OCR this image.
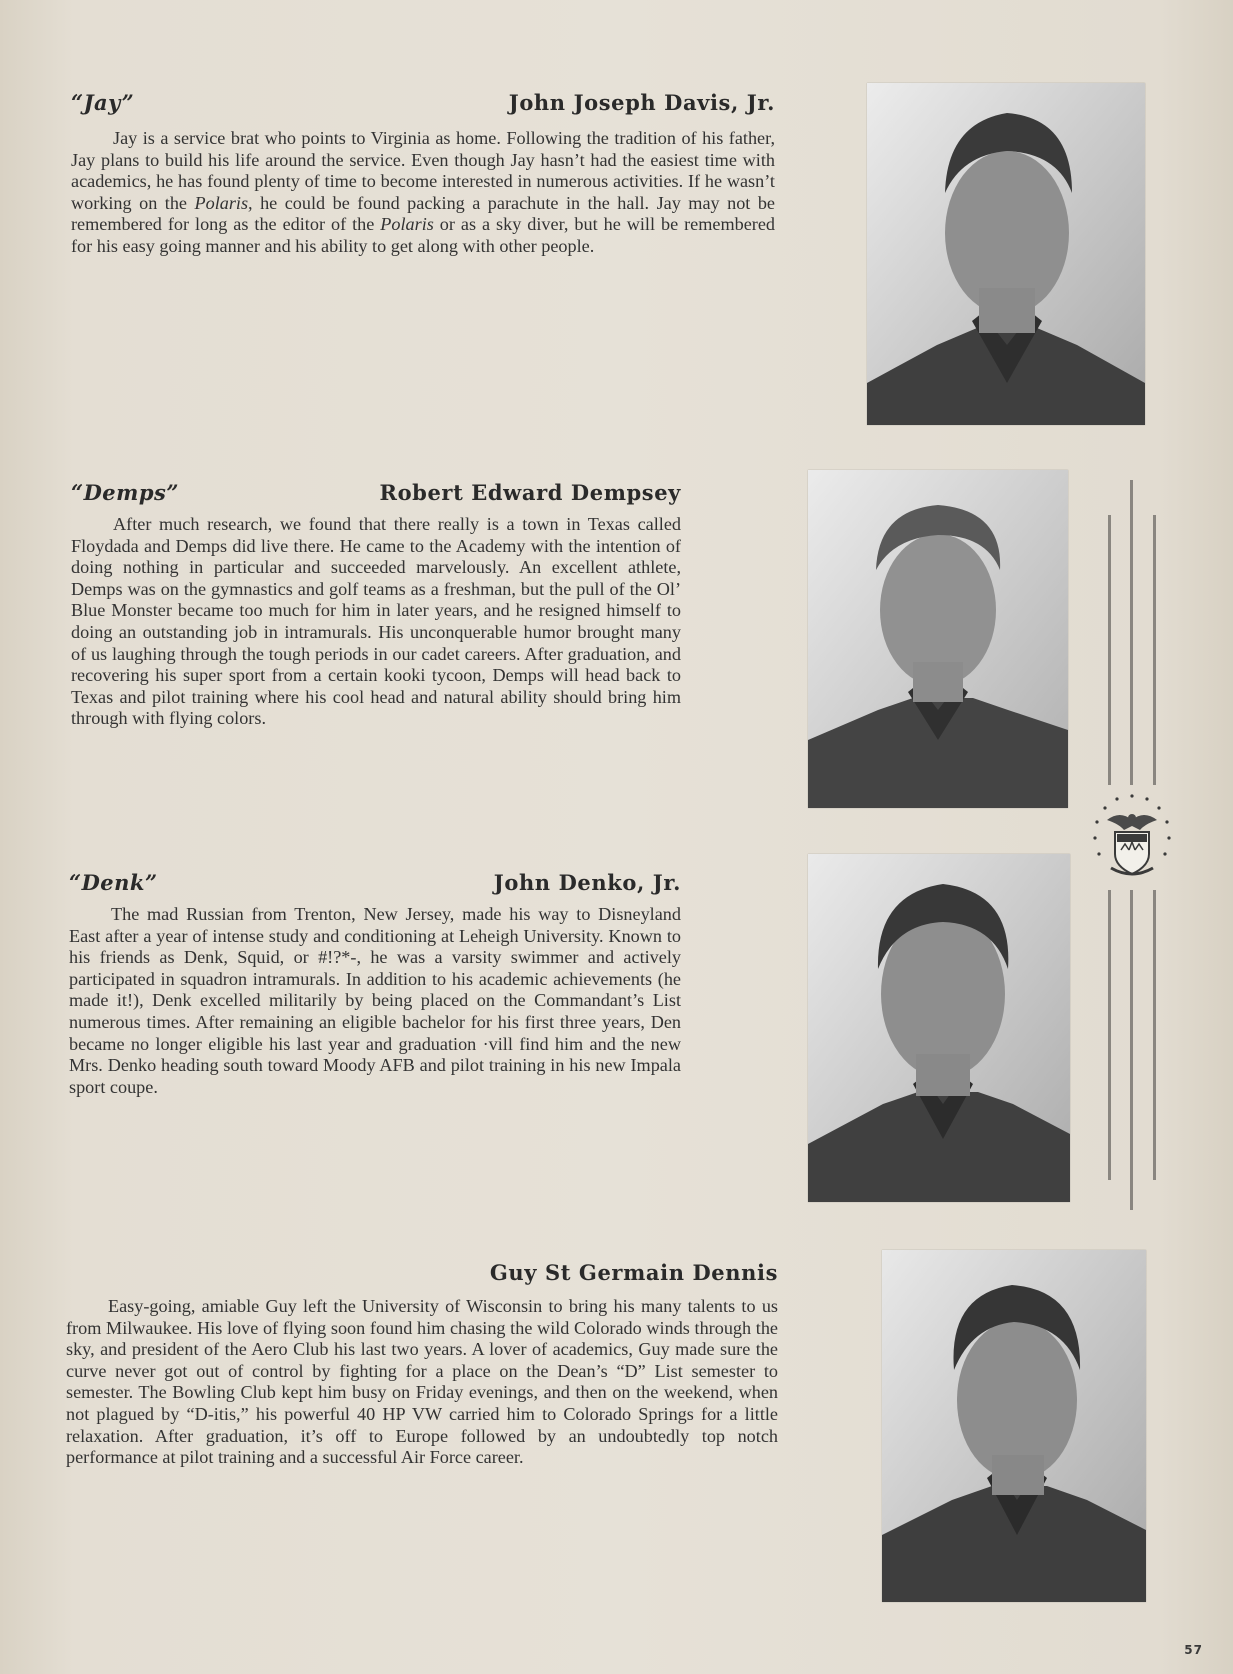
“Jay”	John Joseph Davis, Jr.

Jay is a service brat who points to Virginia as home. Following the tradition of his father, Jay plans to build his life around the service. Even though Jay hasn’t had the easiest time with academics, he has found plenty of time to become interested in numerous activities. If he wasn’t working on the Polaris, he could be found packing a parachute in the hall. Jay may not be remembered for long as the editor of the Polaris or as a sky diver, but he will be remembered for his easy going manner and his ability to get along with other people.

“Demps”	Robert Edward Dempsey

After much research, we found that there really is a town in Texas called Floydada and Demps did live there. He came to the Academy with the intention of doing nothing in particular and succeeded marvelously. An excellent athlete, Demps was on the gymnastics and golf teams as a freshman, but the pull of the Ol’ Blue Monster became too much for him in later years, and he resigned himself to doing an outstanding job in intramurals. His unconquerable humor brought many of us laughing through the tough periods in our cadet careers. After graduation, and recovering his super sport from a certain kooki tycoon, Demps will head back to Texas and pilot training where his cool head and natural ability should bring him through with flying colors.

“Denk”	John Denko, Jr.

The mad Russian from Trenton, New Jersey, made his way to Disneyland East after a year of intense study and conditioning at Leheigh University. Known to his friends as Denk, Squid, or #!?*-, he was a varsity swimmer and actively participated in squadron intramurals. In addition to his academic achievements (he made it!), Denk excelled militarily by being placed on the Commandant’s List numerous times. After remaining an eligible bachelor for his first three years, Den became no longer eligible his last year and graduation ·vill find him and the new Mrs. Denko heading south toward Moody AFB and pilot training in his new Impala sport coupe.

Guy St Germain Dennis

Easy-going, amiable Guy left the University of Wisconsin to bring his many talents to us from Milwaukee. His love of flying soon found him chasing the wild Colorado winds through the sky, and president of the Aero Club his last two years. A lover of academics, Guy made sure the curve never got out of control by fighting for a place on the Dean’s “D” List semester to semester. The Bowling Club kept him busy on Friday evenings, and then on the weekend, when not plagued by “D-itis,” his powerful 40 HP VW carried him to Colorado Springs for a little relaxation. After graduation, it’s off to Europe followed by an undoubtedly top notch performance at pilot training and a successful Air Force career.

57
